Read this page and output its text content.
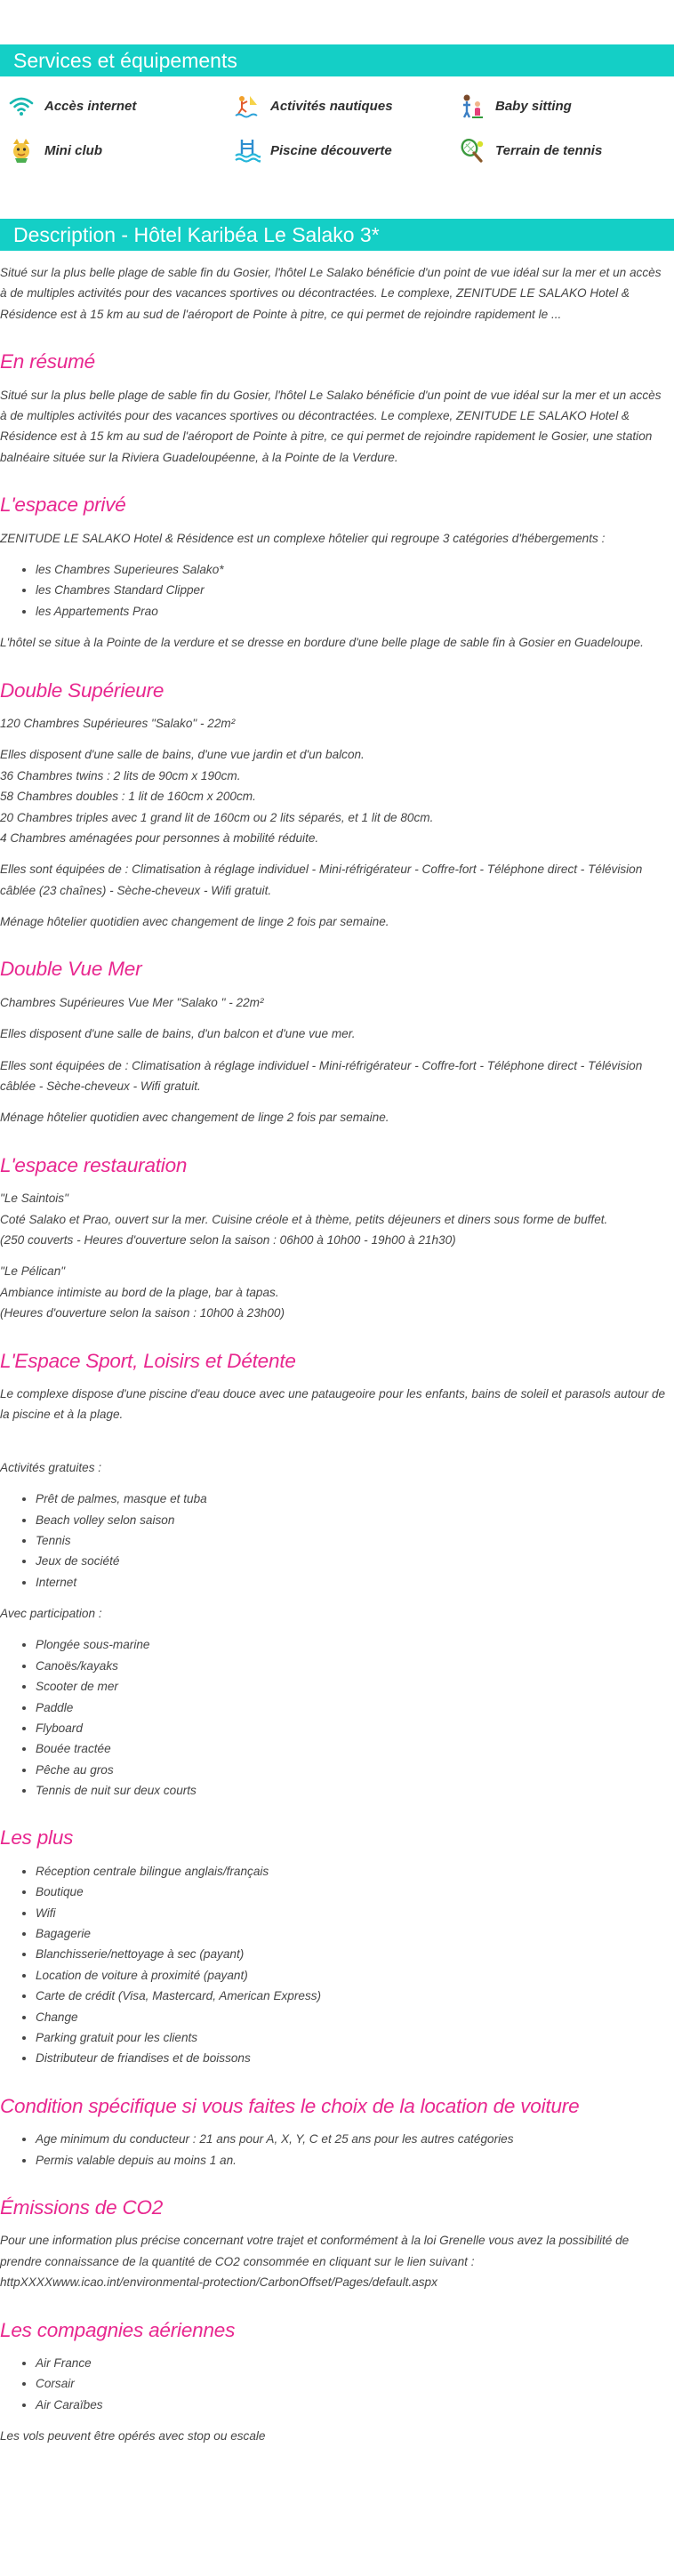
Services et équipements
Accès internet	Activités nautiques	Baby sitting
Mini club	Piscine découverte	Terrain de tennis
Description - Hôtel Karibéa Le Salako 3*

Situé sur la plus belle plage de sable fin du Gosier, l'hôtel Le Salako bénéficie d'un point de vue idéal sur la mer et un accès à de multiples activités pour des vacances sportives ou décontractées. Le complexe, ZENITUDE LE SALAKO Hotel & Résidence est à 15 km au sud de l'aéroport de Pointe à pitre, ce qui permet de rejoindre rapidement le ...

En résumé

Situé sur la plus belle plage de sable fin du Gosier, l'hôtel Le Salako bénéficie d'un point de vue idéal sur la mer et un accès à de multiples activités pour des vacances sportives ou décontractées. Le complexe, ZENITUDE LE SALAKO Hotel & Résidence est à 15 km au sud de l'aéroport de Pointe à pitre, ce qui permet de rejoindre rapidement le Gosier, une station balnéaire située sur la Riviera Guadeloupéenne, à la Pointe de la Verdure.

L'espace privé

ZENITUDE LE SALAKO Hotel & Résidence est un complexe hôtelier qui regroupe 3 catégories d'hébergements :

• les Chambres Superieures Salako*
• les Chambres Standard Clipper
• les Appartements Prao

L'hôtel se situe à la Pointe de la verdure et se dresse en bordure d'une belle plage de sable fin à Gosier en Guadeloupe.

Double Supérieure

120 Chambres Supérieures "Salako" - 22m²

Elles disposent d'une salle de bains, d'une vue jardin et d'un balcon.
36 Chambres twins : 2 lits de 90cm x 190cm.
58 Chambres doubles : 1 lit de 160cm x 200cm.
20 Chambres triples avec 1 grand lit de 160cm ou 2 lits séparés, et 1 lit de 80cm.
4 Chambres aménagées pour personnes à mobilité réduite.

Elles sont équipées de : Climatisation à réglage individuel - Mini-réfrigérateur - Coffre-fort - Téléphone direct - Télévision câblée (23 chaînes) - Sèche-cheveux - Wifi gratuit.

Ménage hôtelier quotidien avec changement de linge 2 fois par semaine.

Double Vue Mer

Chambres Supérieures Vue Mer "Salako " - 22m²

Elles disposent d'une salle de bains, d'un balcon et d'une vue mer.

Elles sont équipées de : Climatisation à réglage individuel - Mini-réfrigérateur - Coffre-fort - Téléphone direct - Télévision câblée - Sèche-cheveux - Wifi gratuit.

Ménage hôtelier quotidien avec changement de linge 2 fois par semaine.

L'espace restauration

"Le Saintois"
Coté Salako et Prao, ouvert sur la mer. Cuisine créole et à thème, petits déjeuners et diners sous forme de buffet.
(250 couverts - Heures d'ouverture selon la saison : 06h00 à 10h00 - 19h00 à 21h30)

"Le Pélican"
Ambiance intimiste au bord de la plage, bar à tapas.
(Heures d'ouverture selon la saison : 10h00 à 23h00)

L'Espace Sport, Loisirs et Détente

Le complexe dispose d'une piscine d'eau douce avec une pataugeoire pour les enfants, bains de soleil et parasols autour de la piscine et à la plage.

Activités gratuites :

• Prêt de palmes, masque et tuba
• Beach volley selon saison
• Tennis
• Jeux de société
• Internet

Avec participation :

• Plongée sous-marine
• Canoës/kayaks
• Scooter de mer
• Paddle
• Flyboard
• Bouée tractée
• Pêche au gros
• Tennis de nuit sur deux courts
Les plus
• Réception centrale bilingue anglais/français
• Boutique
• Wifi
• Bagagerie
• Blanchisserie/nettoyage à sec (payant)
• Location de voiture à proximité (payant)
• Carte de crédit (Visa, Mastercard, American Express)
• Change
• Parking gratuit pour les clients
• Distributeur de friandises et de boissons
Condition spécifique si vous faites le choix de la location de voiture
• Age minimum du conducteur : 21 ans pour A, X, Y, C et 25 ans pour les autres catégories
• Permis valable depuis au moins 1 an.
Émissions de CO2

Pour une information plus précise concernant votre trajet et conformément à la loi Grenelle vous avez la possibilité de prendre connaissance de la quantité de CO2 consommée en cliquant sur le lien suivant : httpXXXXwww.icao.int/environmental-protection/CarbonOffset/Pages/default.aspx

Les compagnies aériennes
• Air France
• Corsair
• Air Caraïbes

Les vols peuvent être opérés avec stop ou escale
